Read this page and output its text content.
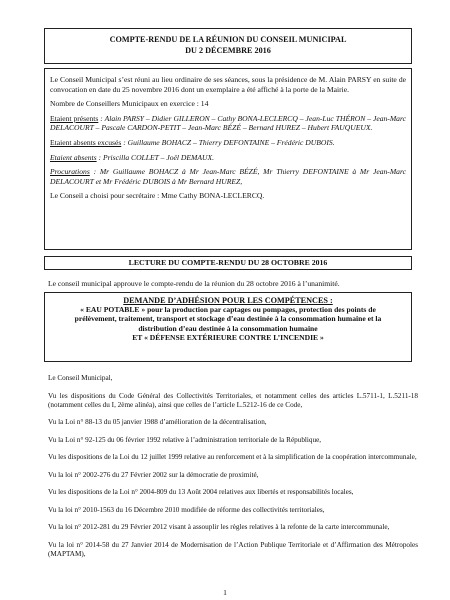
COMPTE-RENDU DE LA RÉUNION DU CONSEIL MUNICIPAL
DU 2 DÉCEMBRE 2016

Le Conseil Municipal s’est réuni au lieu ordinaire de ses séances, sous la présidence de M. Alain PARSY en suite de convocation en date du 25 novembre 2016 dont un exemplaire a été affiché à la porte de la Mairie.

Nombre de Conseillers Municipaux en exercice : 14

Etaient présents : Alain PARSY – Didier GILLERON – Cathy BONA-LECLERCQ – Jean-Luc THÉRON – Jean-Marc DELACOURT – Pascale CARDON-PETIT – Jean-Marc BÉZÉ – Bernard HUREZ – Hubert FAUQUEUX.

Etaient absents excusés : Guillaume BOHACZ – Thierry DEFONTAINE – Frédéric DUBOIS.

Etaient absents : Priscilla COLLET – Joël DEMAUX.

Procurations : Mr Guillaume BOHACZ à Mr Jean-Marc BÉZÉ, Mr Thierry DEFONTAINE à Mr Jean-Marc DELACOURT et Mr Frédéric DUBOIS à Mr Bernard HUREZ,

Le Conseil a choisi pour secrétaire : Mme Cathy BONA-LECLERCQ.

LECTURE DU COMPTE-RENDU DU 28 OCTOBRE 2016
Le conseil municipal approuve le compte-rendu de la réunion du 28 octobre 2016 à l’unanimité.
DEMANDE D’ADHÉSION POUR LES COMPÉTENCES :
« EAU POTABLE » pour la production par captages ou pompages, protection des points de
prélèvement, traitement, transport et stockage d’eau destinée à la consommation humaine et la
distribution d’eau destinée à la consommation humaine
ET « DÉFENSE EXTÉRIEURE CONTRE L’INCENDIE »

Le Conseil Municipal,

Vu les dispositions du Code Général des Collectivités Territoriales, et notamment celles des articles L.5711-1, L.5211-18 (notamment celles du I, 2ème alinéa), ainsi que celles de l’article L.5212-16 de ce Code,

Vu la Loi n° 88-13 du 05 janvier 1988 d’amélioration de la décentralisation,

Vu la Loi n° 92-125 du 06 février 1992 relative à l’administration territoriale de la République,

Vu les dispositions de la Loi du 12 juillet 1999 relative au renforcement et à la simplification de la coopération intercommunale,

Vu la loi n° 2002-276 du 27 Février 2002 sur la démocratie de proximité,

Vu les dispositions de la Loi n° 2004-809 du 13 Août 2004 relatives aux libertés et responsabilités locales,

Vu la loi n° 2010-1563 du 16 Décembre 2010 modifiée de réforme des collectivités territoriales,

Vu la loi n° 2012-281 du 29 Février 2012 visant à assouplir les règles relatives à la refonte de la carte intercommunale,

Vu la loi n° 2014-58 du 27 Janvier 2014 de Modernisation de l’Action Publique Territoriale et d’Affirmation des Métropoles (MAPTAM),

1
